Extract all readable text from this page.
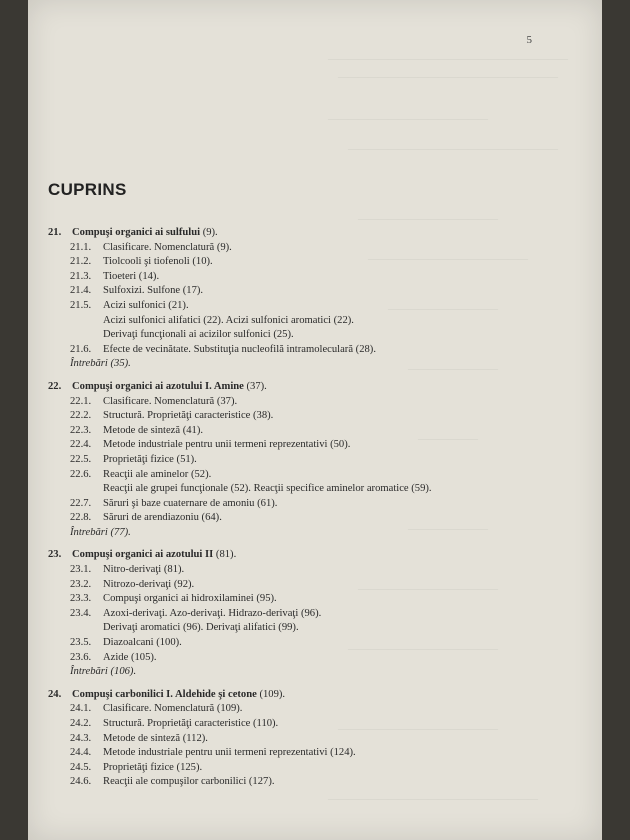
————————————————————————
——————————————————————
————————————————
—————————————————————
——————————————
————————————————
———————————
—————————
——————
————————
——————————————
———————————————
————————————————
—————————————————————
5
CUPRINS
21.	Compuşi organici ai sulfului (9).
21.1.	Clasificare. Nomenclatură (9).
21.2.	Tiolcooli şi tiofenoli (10).
21.3.	Tioeteri (14).
21.4.	Sulfoxizi. Sulfone (17).
21.5.	Acizi sulfonici (21).
Acizi sulfonici alifatici (22). Acizi sulfonici aromatici (22).
Derivaţi funcţionali ai acizilor sulfonici (25).
21.6.	Efecte de vecinătate. Substituţia nucleofilă intramoleculară (28).
Întrebări (35).
22.	Compuşi organici ai azotului I. Amine (37).
22.1.	Clasificare. Nomenclatură (37).
22.2.	Structură. Proprietăţi caracteristice (38).
22.3.	Metode de sinteză (41).
22.4.	Metode industriale pentru unii termeni reprezentativi (50).
22.5.	Proprietăţi fizice (51).
22.6.	Reacţii ale aminelor (52).
Reacţii ale grupei funcţionale (52). Reacţii specifice aminelor aromatice (59).
22.7.	Săruri şi baze cuaternare de amoniu (61).
22.8.	Săruri de arendiazoniu (64).
Întrebări (77).
23.	Compuşi organici ai azotului II (81).
23.1.	Nitro-derivaţi (81).
23.2.	Nitrozo-derivaţi (92).
23.3.	Compuşi organici ai hidroxilaminei (95).
23.4.	Azoxi-derivaţi. Azo-derivaţi. Hidrazo-derivaţi (96).
Derivaţi aromatici (96). Derivaţi alifatici (99).
23.5.	Diazoalcani (100).
23.6.	Azide (105).
Întrebări (106).
24.	Compuşi carbonilici I. Aldehide şi cetone (109).
24.1.	Clasificare. Nomenclatură (109).
24.2.	Structură. Proprietăţi caracteristice (110).
24.3.	Metode de sinteză (112).
24.4.	Metode industriale pentru unii termeni reprezentativi (124).
24.5.	Proprietăţi fizice (125).
24.6.	Reacţii ale compuşilor carbonilici (127).
